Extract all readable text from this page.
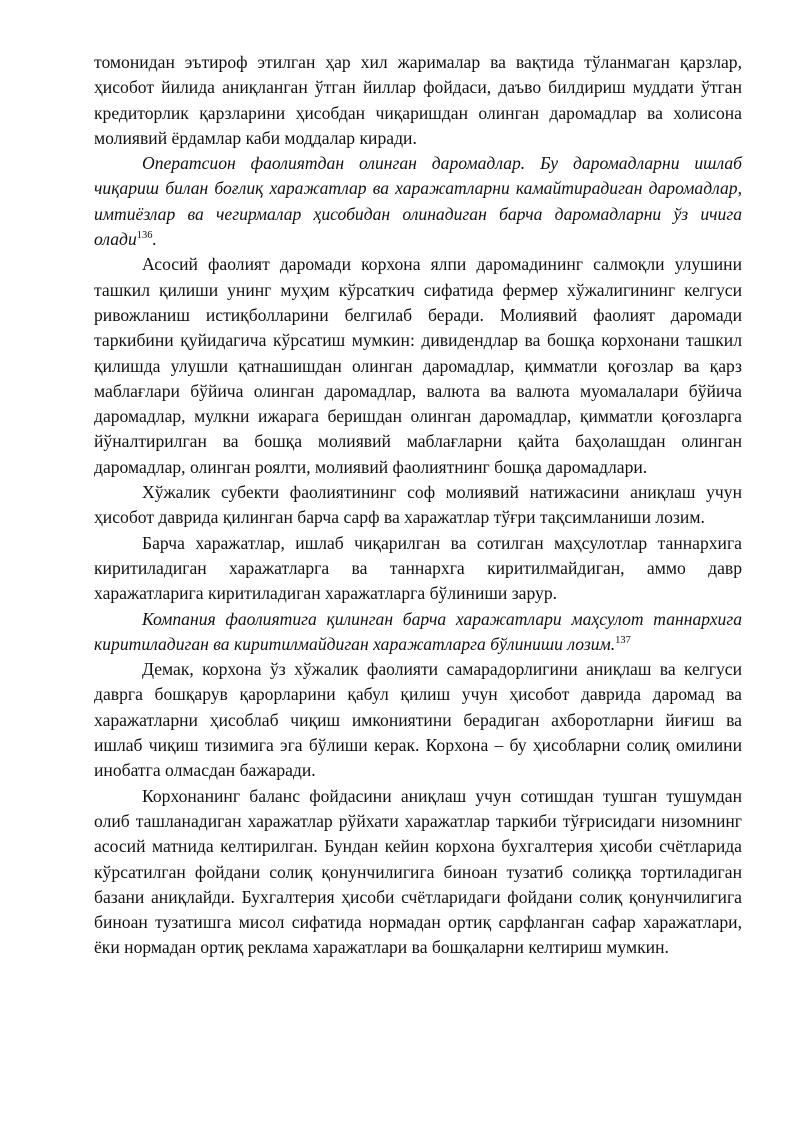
томонидан эътироф этилган ҳар хил жарималар ва вақтида тўланмаган қарзлар, ҳисобот йилида аниқланган ўтган йиллар фойдаси, даъво билдириш муддати ўтган кредиторлик қарзларини ҳисобдан чиқаришдан олинган даромадлар ва холисона молиявий ёрдамлар каби моддалар киради.

Оператсион фаолиятдан олинган даромадлар. Бу даромадларни ишлаб чиқариш билан боғлиқ харажатлар ва харажатларни камайтирадиган даромадлар, имтиёзлар ва чегирмалар ҳисобидан олинадиган барча даромадларни ўз ичига олади$^{136}$.

Асосий фаолият даромади корхона ялпи даромадининг салмоқли улушини ташкил қилиши унинг муҳим кўрсаткич сифатида фермер хўжалигининг келгуси ривожланиш истиқболларини белгилаб беради. Молиявий фаолият даромади таркибини қуйидагича кўрсатиш мумкин: дивидендлар ва бошқа корхонани ташкил қилишда улушли қатнашишдан олинган даромадлар, қимматли қоғозлар ва қарз маблағлари бўйича олинган даромадлар, валюта ва валюта муомалалари бўйича даромадлар, мулкни ижарага беришдан олинган даромадлар, қимматли қоғозларга йўналтирилган ва бошқа молиявий маблағларни қайта баҳолашдан олинган даромадлар, олинган роялти, молиявий фаолиятнинг бошқа даромадлари.

Хўжалик субекти фаолиятининг соф молиявий натижасини аниқлаш учун ҳисобот даврида қилинган барча сарф ва харажатлар тўғри тақсимланиши лозим.

Барча харажатлар, ишлаб чиқарилган ва сотилган маҳсулотлар таннархига киритиладиган харажатларга ва таннархга киритилмайдиган, аммо давр харажатларига киритиладиган харажатларга бўлиниши зарур.

Компания фаолиятига қилинган барча харажатлари маҳсулот таннархига киритиладиган ва киритилмайдиган харажатларга бўлиниши лозим.$^{137}$

Демак, корхона ўз хўжалик фаолияти самарадорлигини аниқлаш ва келгуси даврга бошқарув қарорларини қабул қилиш учун ҳисобот даврида даромад ва харажатларни ҳисоблаб чиқиш имкониятини берадиган ахборотларни йиғиш ва ишлаб чиқиш тизимига эга бўлиши керак. Корхона – бу ҳисобларни солиқ омилини инобатга олмасдан бажаради.

Корхонанинг баланс фойдасини аниқлаш учун сотишдан тушган тушумдан олиб ташланадиган харажатлар рўйхати харажатлар таркиби тўғрисидаги низомнинг асосий матнида келтирилган. Бундан кейин корхона бухгалтерия ҳисоби счётларида кўрсатилган фойдани солиқ қонунчилигига биноан тузатиб солиққа тортиладиган базани аниқлайди. Бухгалтерия ҳисоби счётларидаги фойдани солиқ қонунчилигига биноан тузатишга мисол сифатида нормадан ортиқ сарфланган сафар харажатлари, ёки нормадан ортиқ реклама харажатлари ва бошқаларни келтириш мумкин.
